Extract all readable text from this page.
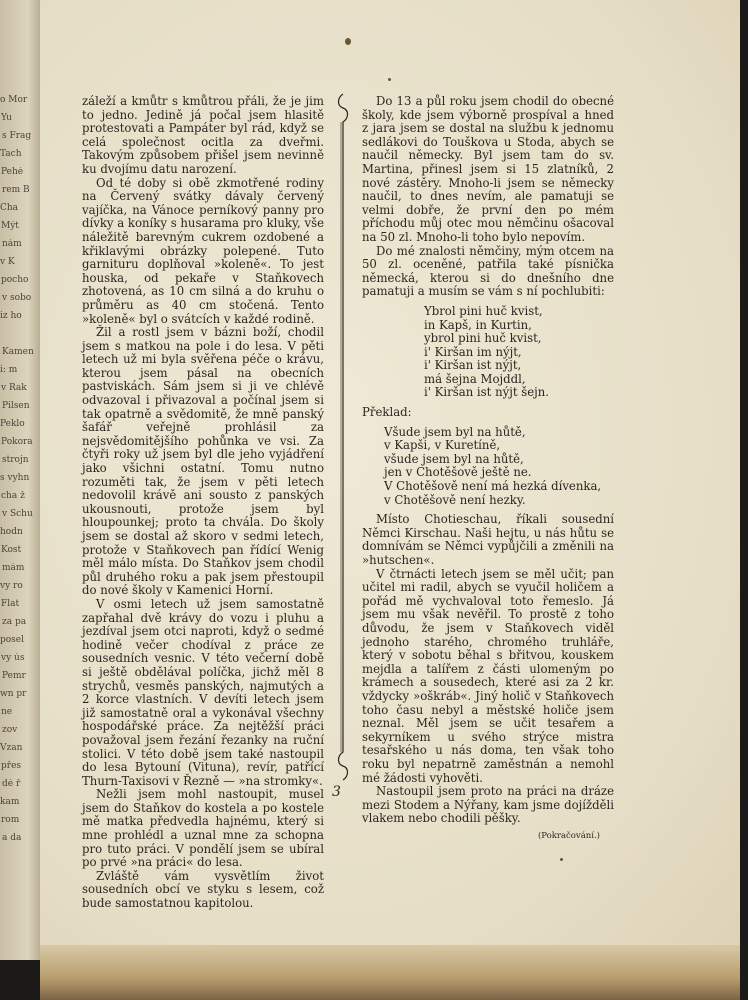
o Mor
Yu
s Frag
Tach
Pehé
rem B
Cha
Mýt
nám
v K
pocho
v sobo
iz ho
Kamen
i: m
v Rak
Pilsen
Peklo
Pokora
strojn
s vyhn
cha ž
v Schu
hodn
Kost
mám
vy ro
Flat
za pa
posel
vy ús
Pemr
wn pr
ne
zov
Vzan
přes
dé ř
kam
rom
a da

záleží a kmůtr s kmůtrou přáli, že je jim to jedno. Jedině já počal jsem hlasitě protestovati a Pampáter byl rád, když se celá společnost ocitla za dveřmi. Takovým způsobem přišel jsem nevinně ku dvojímu datu narození.

Od té doby si obě zkmotřené rodiny na Červený svátky dávaly červený vajíčka, na Vánoce perníkový panny pro dívky a koníky s husarama pro kluky, vše náležitě barevným cukrem ozdobené a křiklavými obrázky polepené. Tuto garnituru doplňoval »koleně«. To jest houska, od pekaře v Staňkovech zhotovená, as 10 cm silná a do kruhu o průměru as 40 cm stočená. Tento »koleně« byl o svátcích v každé rodině.

Žil a rostl jsem v bázni boží, chodil jsem s matkou na pole i do lesa. V pěti letech už mi byla svěřena péče o krávu, kterou jsem pásal na obecních pastviskách. Sám jsem si ji ve chlévě odvazoval i přivazoval a počínal jsem si tak opatrně a svědomitě, že mně panský šafář veřejně prohlásil za nejsvědomitějšího pohůnka ve vsi. Za čtyři roky už jsem byl dle jeho vyjádření jako všichni ostatní. Tomu nutno rozuměti tak, že jsem v pěti letech nedovolil krávě ani sousto z panských ukousnouti, protože jsem byl hloupounkej; proto ta chvála. Do školy jsem se dostal až skoro v sedmi letech, protože v Staňkovech pan řídící Wenig měl málo místa. Do Staňkov jsem chodil půl druhého roku a pak jsem přestoupil do nové školy v Kamenici Horní.

V osmi letech už jsem samostatně zapřahal dvě krávy do vozu i pluhu a jezdíval jsem otci naproti, když o sedmé hodině večer chodíval z práce ze sousedních vesnic. V této večerní době si ještě obdělával políčka, jichž měl 8 strychů, vesměs panských, najmutých a 2 korce vlastních. V devíti letech jsem již samostatně oral a vykonával všechny hospodářské práce. Za nejtěžší práci považoval jsem řezání řezanky na ruční stolici. V této době jsem také nastoupil do lesa Bytouní (Vituna), revír, patřící Thurn-Taxisovi v Řezně — »na stromky«.

Nežli jsem mohl nastoupit, musel jsem do Staňkov do kostela a po kostele mě matka předvedla hajnému, který si mne prohlédl a uznal mne za schopna pro tuto práci. V pondělí jsem se ubíral po prvé »na práci« do lesa.

Zvláště vám vysvětlím život sousedních obcí ve styku s lesem, což bude samostatnou kapitolou.

Do 13 a půl roku jsem chodil do obecné školy, kde jsem výborně prospíval a hned z jara jsem se dostal na službu k jednomu sedlákovi do Touškova u Stoda, abych se naučil německy. Byl jsem tam do sv. Martina, přinesl jsem si 15 zlatníků, 2 nové zástěry. Mnoho-li jsem se německy naučil, to dnes nevím, ale pamatuji se velmi dobře, že první den po mém příchodu můj otec mou němčinu ošacoval na 50 zl. Mnoho-li toho bylo nepovím.

Do mé znalosti němčiny, mým otcem na 50 zl. oceněné, patřila také písnička německá, kterou si do dnešního dne pamatuji a musím se vám s ní pochlubiti:

Ybrol pini huč kvist,
in Kapš, in Kurtin,
ybrol pini huč kvist,
i' Kiršan im nýjt,
i' Kiršan ist nýjt,
má šejna Mojddl,
i' Kiršan ist nýjt šejn.

Překlad:

Všude jsem byl na hůtě,
v Kapši, v Kuretíně,
všude jsem byl na hůtě,
jen v Chotěšově ještě ne.
V Chotěšově není má hezká dívenka,
v Chotěšově není hezky.

Místo Chotieschau, říkali sousední Němci Kirschau. Naši hejtu, u nás hůtu se domnívám se Němci vypůjčili a změnili na »hutschen«.

V čtrnácti letech jsem se měl učit; pan učitel mi radil, abych se vyučil holičem a pořád mě vychvaloval toto řemeslo. Já jsem mu však nevěřil. To prostě z toho důvodu, že jsem v Staňkovech viděl jednoho starého, chromého truhláře, který v sobotu běhal s břitvou, kouskem mejdla a talířem z části ulomeným po krámech a sousedech, které asi za 2 kr. vždycky »oškráb«. Jiný holič v Staňkovech toho času nebyl a městské holiče jsem neznal. Měl jsem se učit tesařem a sekyrníkem u svého strýce mistra tesařského u nás doma, ten však toho roku byl nepatrně zaměstnán a nemohl mé žádosti vyhověti.

Nastoupil jsem proto na práci na dráze mezi Stodem a Nýřany, kam jsme dojížděli vlakem nebo chodili pěšky.

(Pokračování.)
3
